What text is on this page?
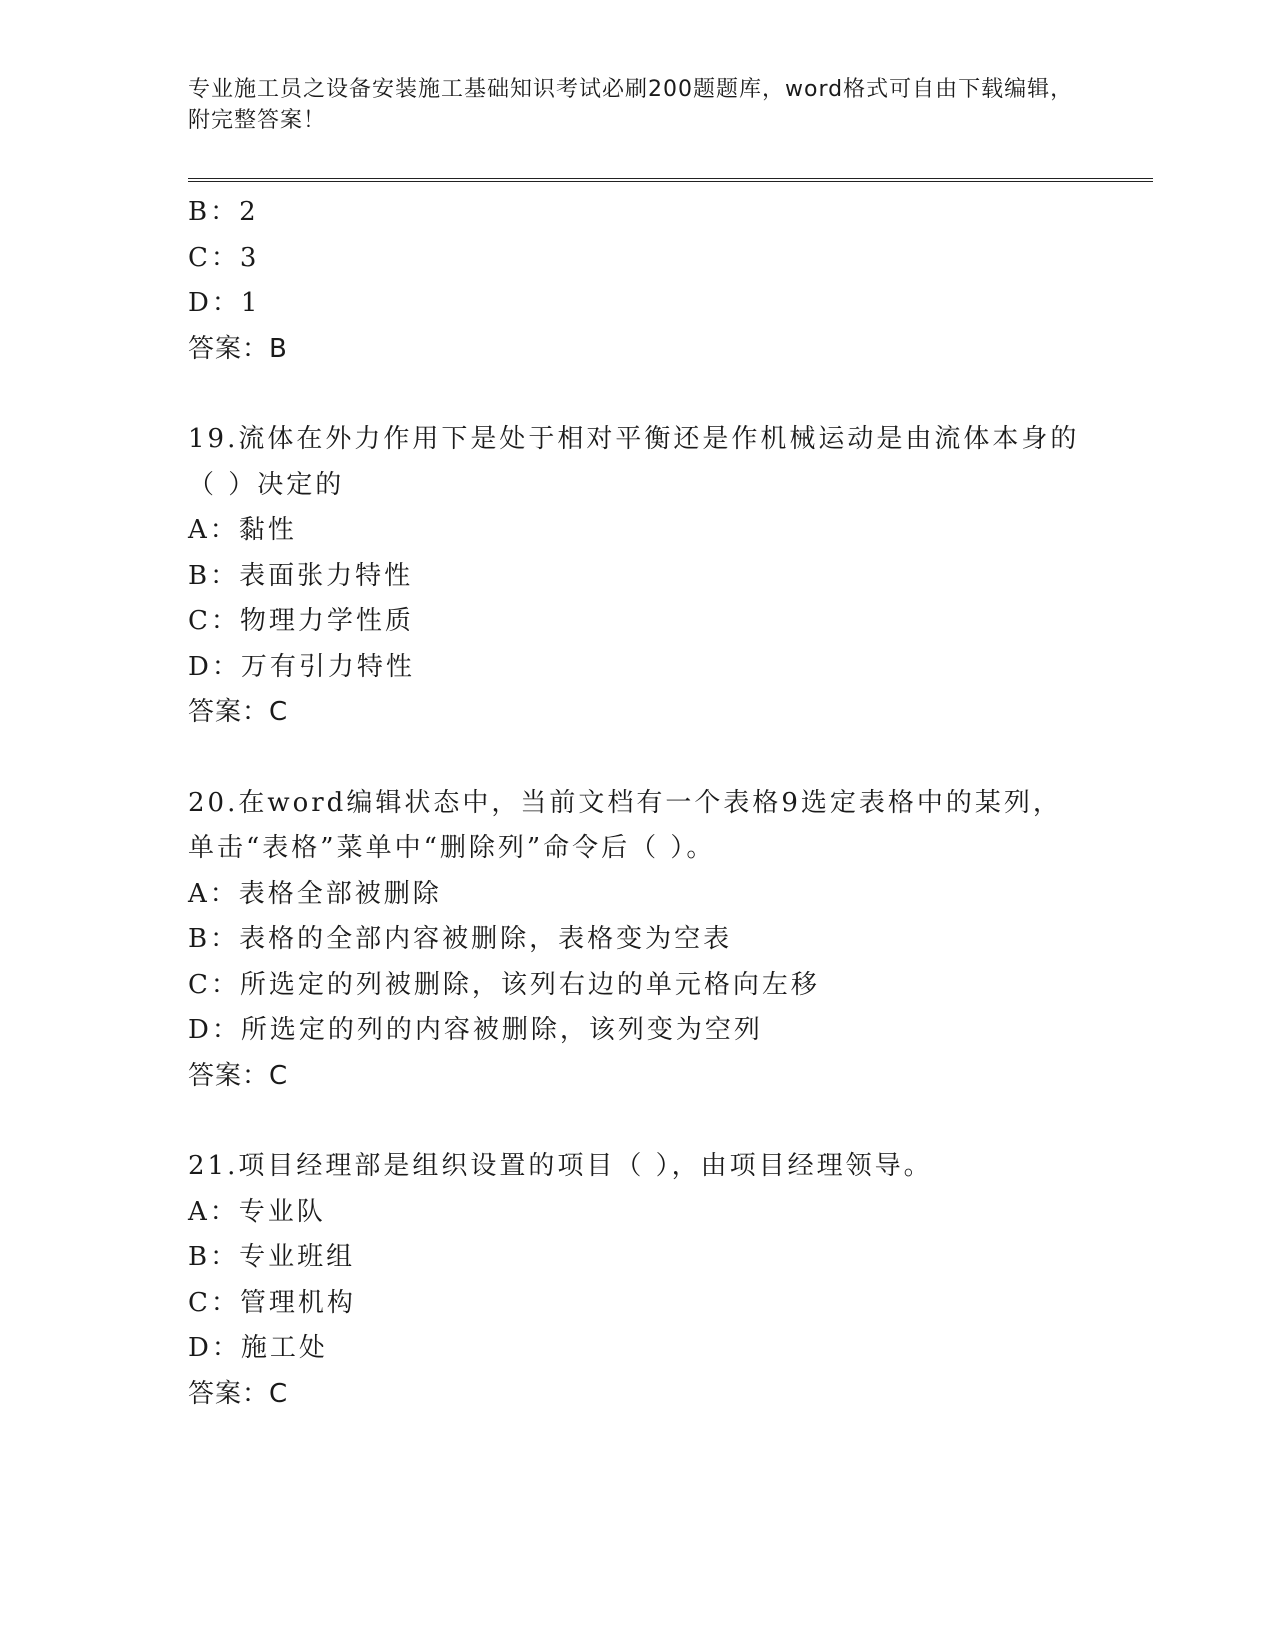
专业施工员之设备安装施工基础知识考试必刷200题题库，word格式可自由下载编辑，附完整答案！
B：2
C：3
D：1
答案：B
19.流体在外力作用下是处于相对平衡还是作机械运动是由流体本身的
（ ）决定的
A：黏性
B：表面张力特性
C：物理力学性质
D：万有引力特性
答案：C
20.在word编辑状态中，当前文档有一个表格9选定表格中的某列，
单击“表格”菜单中“删除列”命令后（ ）。
A：表格全部被删除
B：表格的全部内容被删除，表格变为空表
C：所选定的列被删除，该列右边的单元格向左移
D：所选定的列的内容被删除，该列变为空列
答案：C
21.项目经理部是组织设置的项目（ ），由项目经理领导。
A：专业队
B：专业班组
C：管理机构
D：施工处
答案：C
